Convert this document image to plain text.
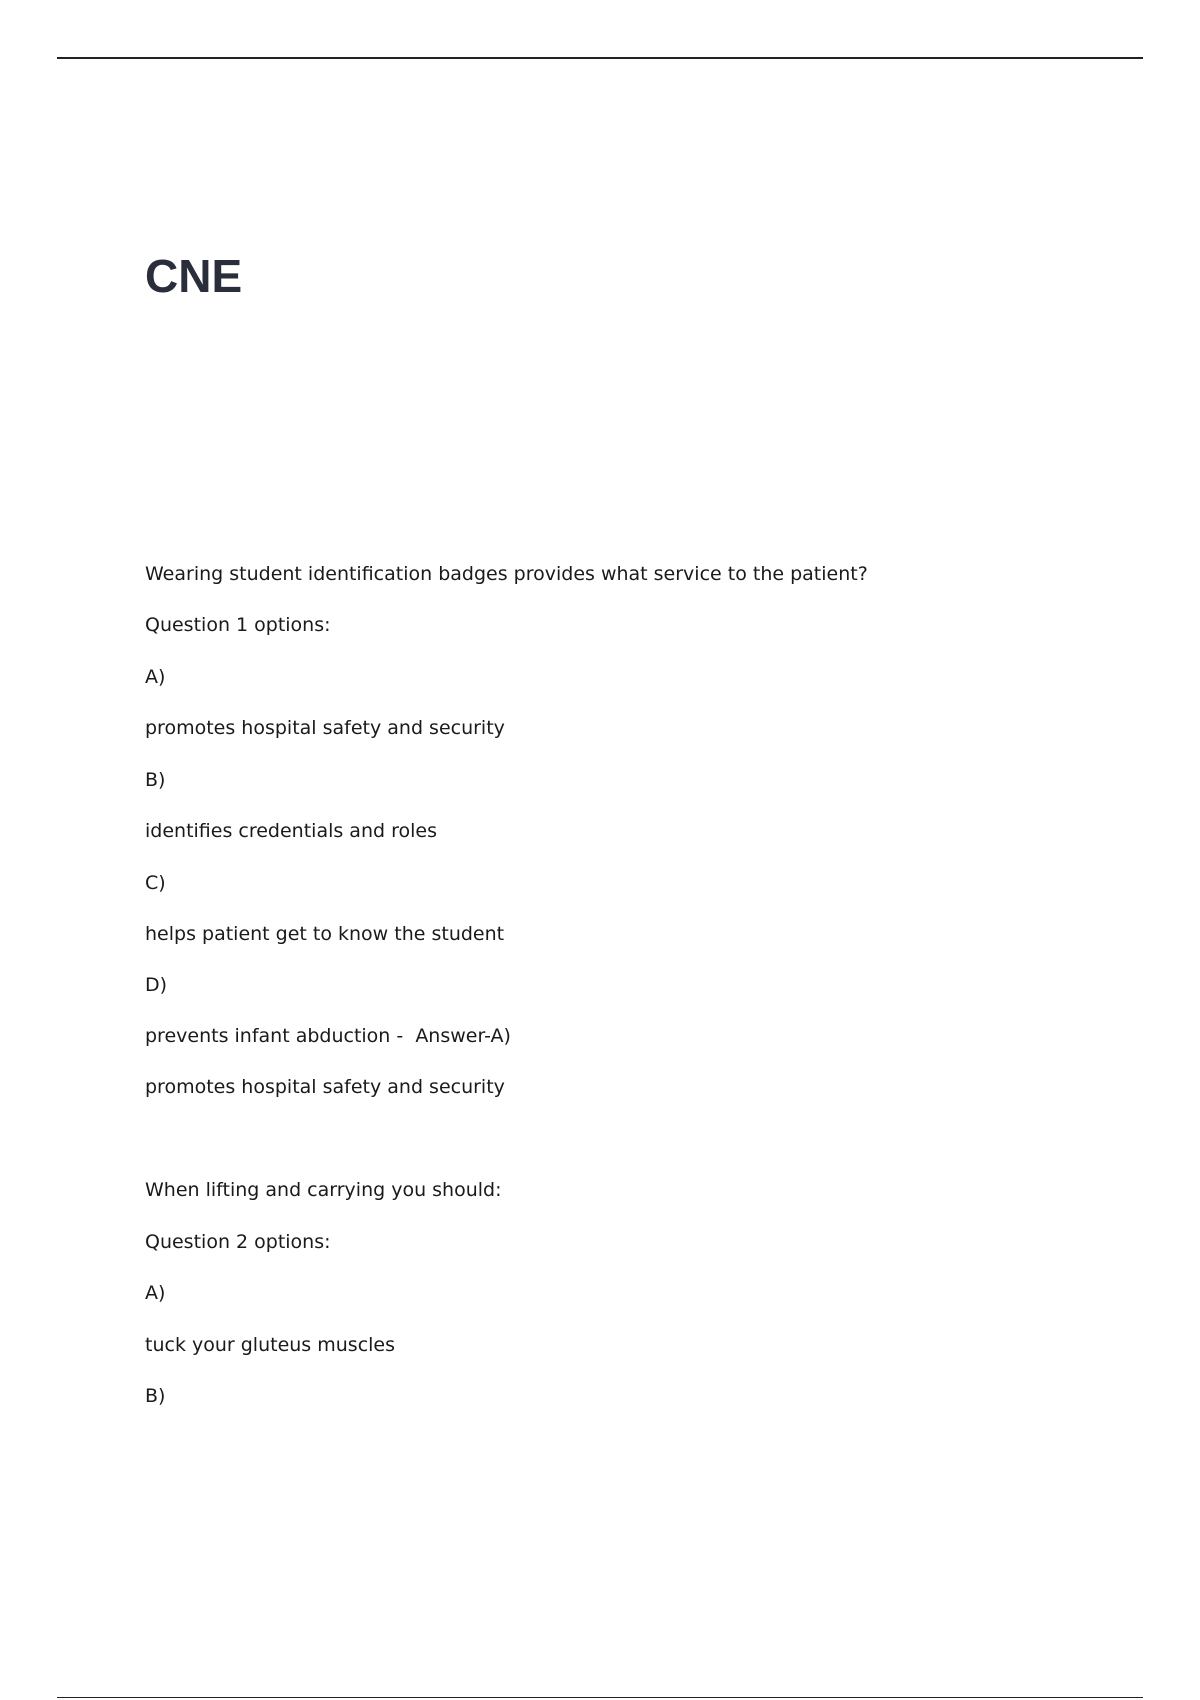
CNE

Wearing student identification badges provides what service to the patient?

Question 1 options:

A)

promotes hospital safety and security

B)

identifies credentials and roles

C)

helps patient get to know the student

D)

prevents infant abduction -  Answer-A)

promotes hospital safety and security

When lifting and carrying you should:

Question 2 options:

A)

tuck your gluteus muscles

B)
